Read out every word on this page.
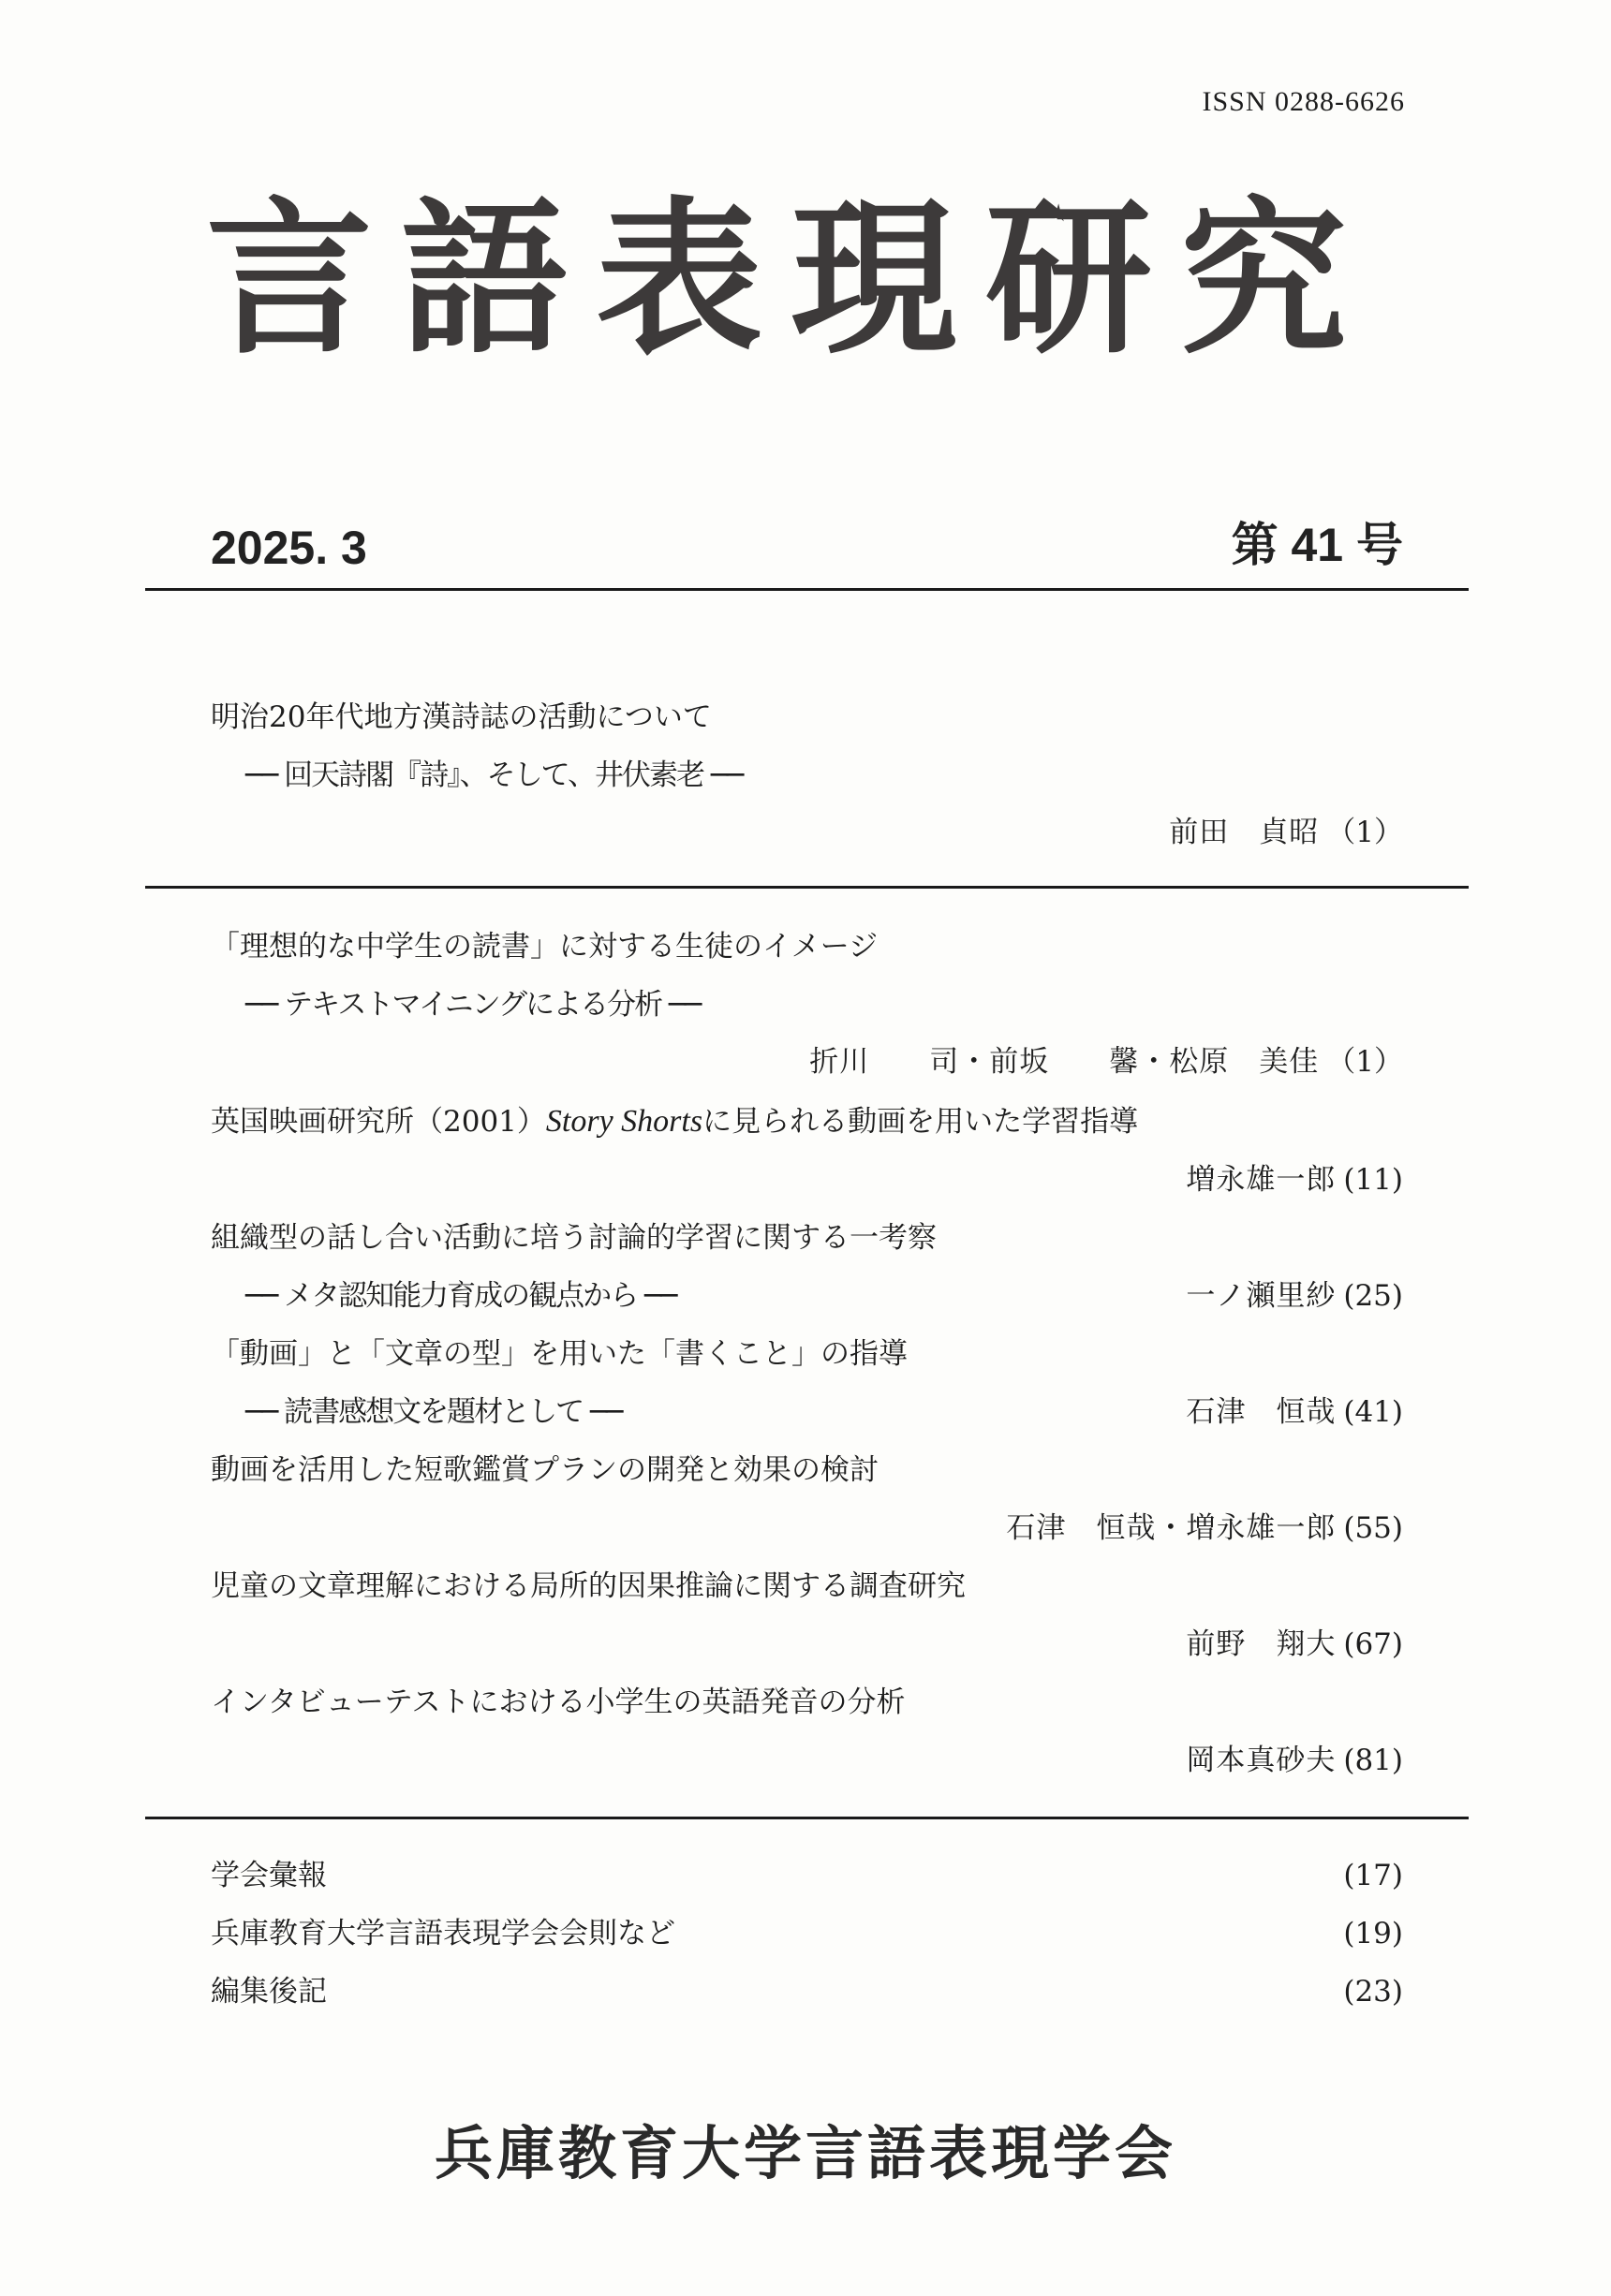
ISSN 0288-6626
言語表現研究
2025. 3	第 41 号
明治20年代地方漢詩誌の活動について
── 回天詩閣『詩』、そして、井伏素老 ──
前田　貞昭 （1）
「理想的な中学生の読書」に対する生徒のイメージ
── テキストマイニングによる分析 ──
折川　　司・前坂　　馨・松原　美佳 （1）
英国映画研究所（2001）Story Shortsに見られる動画を用いた学習指導
増永雄一郎 (11)
組織型の話し合い活動に培う討論的学習に関する一考察
── メタ認知能力育成の観点から ──	一ノ瀬里紗 (25)
「動画」と「文章の型」を用いた「書くこと」の指導
── 読書感想文を題材として ──	石津　恒哉 (41)
動画を活用した短歌鑑賞プランの開発と効果の検討
石津　恒哉・増永雄一郎 (55)
児童の文章理解における局所的因果推論に関する調査研究
前野　翔大 (67)
インタビューテストにおける小学生の英語発音の分析
岡本真砂夫 (81)
学会彙報	(17)
兵庫教育大学言語表現学会会則など	(19)
編集後記	(23)
兵庫教育大学言語表現学会
